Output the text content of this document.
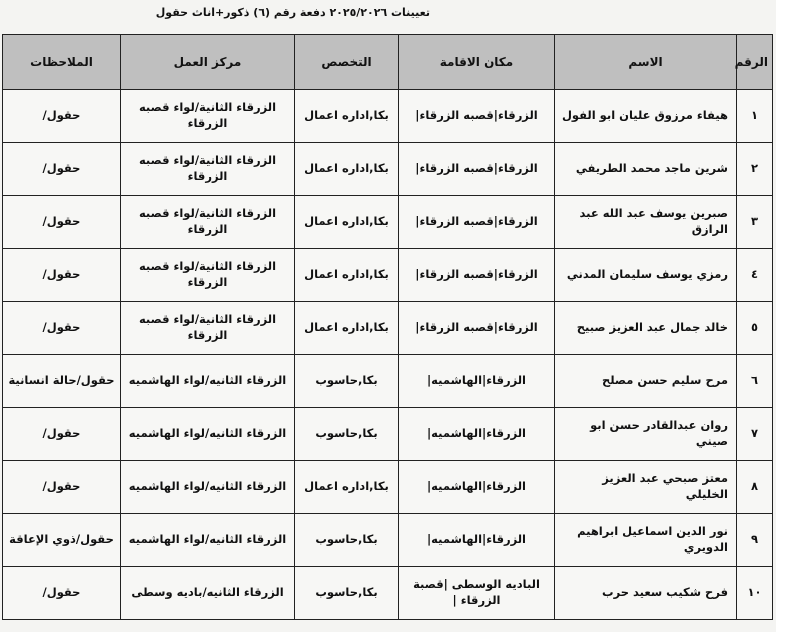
تعيينات ٢٠٢٥/٢٠٢٦ دفعة رقم (٦) ذكور+اناث حقول
الرقم	الاسم	مكان الاقامة	التخصص	مركز العمل	الملاحظات
١	هيفاء مرزوق عليان ابو الفول	الزرقاء|قصبه الزرقاء|	بكا,اداره اعمال	الزرقاء الثانية/لواء قصبه الزرقاء	حقول/
٢	شرين ماجد محمد الطريفي	الزرقاء|قصبه الزرقاء|	بكا,اداره اعمال	الزرقاء الثانية/لواء قصبه الزرقاء	حقول/
٣	صبرين يوسف عبد الله عبد الرازق	الزرقاء|قصبه الزرقاء|	بكا,اداره اعمال	الزرقاء الثانية/لواء قصبه الزرقاء	حقول/
٤	رمزي يوسف سليمان المدني	الزرقاء|قصبه الزرقاء|	بكا,اداره اعمال	الزرقاء الثانية/لواء قصبه الزرقاء	حقول/
٥	خالد جمال عبد العزيز صبيح	الزرقاء|قصبه الزرقاء|	بكا,اداره اعمال	الزرقاء الثانية/لواء قصبه الزرقاء	حقول/
٦	مرح سليم حسن مصلح	الزرقاء|الهاشميه|	بكا,حاسوب	الزرقاء الثانيه/لواء الهاشميه	حقول/حالة انسانية
٧	روان عبدالقادر حسن ابو صيني	الزرقاء|الهاشميه|	بكا,حاسوب	الزرقاء الثانيه/لواء الهاشميه	حقول/
٨	معتز صبحي عبد العزيز الخليلي	الزرقاء|الهاشميه|	بكا,اداره اعمال	الزرقاء الثانيه/لواء الهاشميه	حقول/
٩	نور الدين اسماعيل ابراهيم الدويري	الزرقاء|الهاشميه|	بكا,حاسوب	الزرقاء الثانيه/لواء الهاشميه	حقول/ذوي الإعاقة
١٠	فرح شكيب سعيد حرب	الباديه الوسطى |قصبة الزرقاء |	بكا,حاسوب	الزرقاء الثانيه/باديه وسطى	حقول/
